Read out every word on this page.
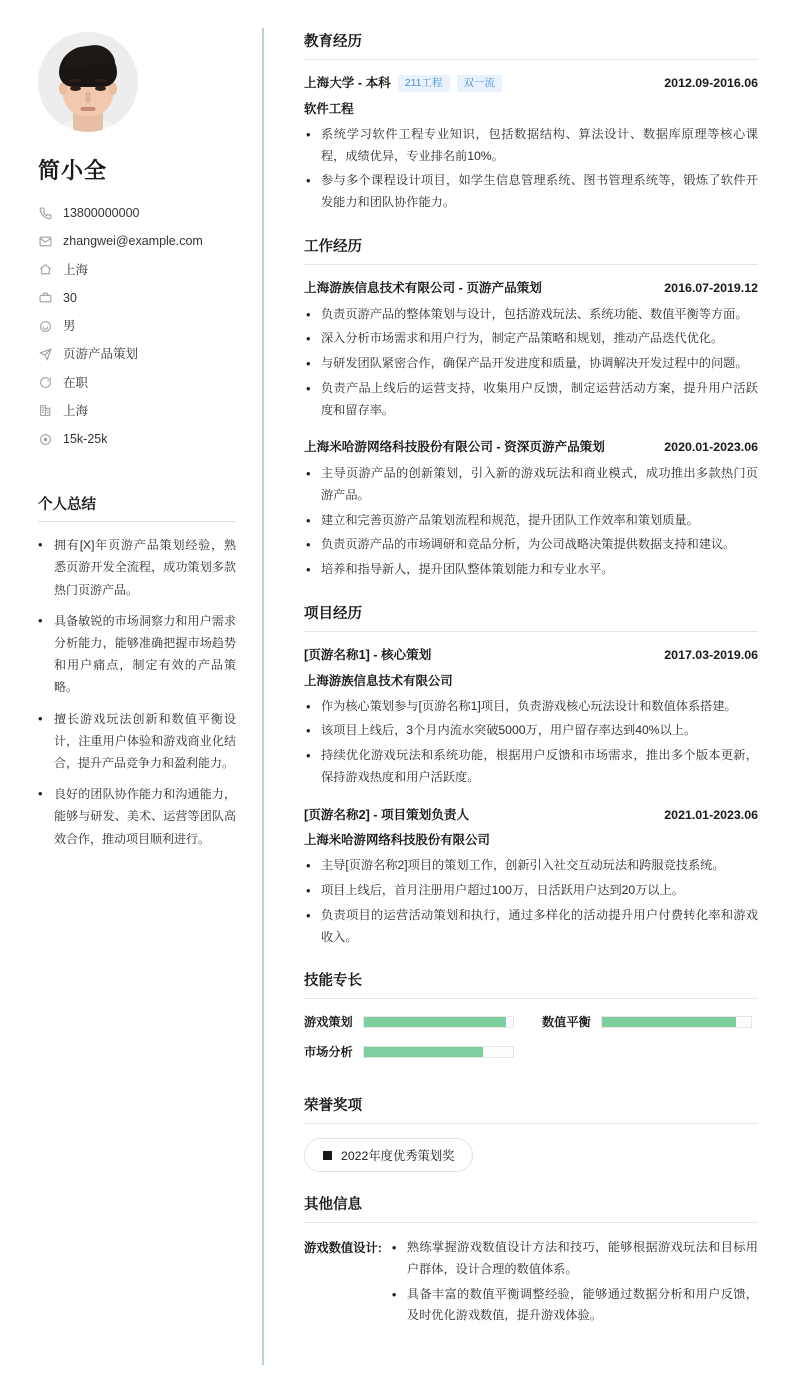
简小全
13800000000
zhangwei@example.com
上海
30
男
页游产品策划
在职
上海
15k-25k
个人总结
• 拥有[X]年页游产品策划经验，熟悉页游开发全流程，成功策划多款热门页游产品。
• 具备敏锐的市场洞察力和用户需求分析能力，能够准确把握市场趋势和用户痛点，制定有效的产品策略。
• 擅长游戏玩法创新和数值平衡设计，注重用户体验和游戏商业化结合，提升产品竞争力和盈利能力。
• 良好的团队协作能力和沟通能力，能够与研发、美术、运营等团队高效合作，推动项目顺利进行。
教育经历
上海大学 - 本科	211工程	双一流	2012.09-2016.06
软件工程
• 系统学习软件工程专业知识，包括数据结构、算法设计、数据库原理等核心课程，成绩优异，专业排名前10%。
• 参与多个课程设计项目，如学生信息管理系统、图书管理系统等，锻炼了软件开发能力和团队协作能力。
工作经历
上海游族信息技术有限公司 - 页游产品策划	2016.07-2019.12
• 负责页游产品的整体策划与设计，包括游戏玩法、系统功能、数值平衡等方面。
• 深入分析市场需求和用户行为，制定产品策略和规划，推动产品迭代优化。
• 与研发团队紧密合作，确保产品开发进度和质量，协调解决开发过程中的问题。
• 负责产品上线后的运营支持，收集用户反馈，制定运营活动方案，提升用户活跃度和留存率。
上海米哈游网络科技股份有限公司 - 资深页游产品策划	2020.01-2023.06
• 主导页游产品的创新策划，引入新的游戏玩法和商业模式，成功推出多款热门页游产品。
• 建立和完善页游产品策划流程和规范，提升团队工作效率和策划质量。
• 负责页游产品的市场调研和竞品分析，为公司战略决策提供数据支持和建议。
• 培养和指导新人，提升团队整体策划能力和专业水平。
项目经历
[页游名称1] - 核心策划	2017.03-2019.06
上海游族信息技术有限公司
• 作为核心策划参与[页游名称1]项目，负责游戏核心玩法设计和数值体系搭建。
• 该项目上线后，3个月内流水突破5000万，用户留存率达到40%以上。
• 持续优化游戏玩法和系统功能，根据用户反馈和市场需求，推出多个版本更新，保持游戏热度和用户活跃度。
[页游名称2] - 项目策划负责人	2021.01-2023.06
上海米哈游网络科技股份有限公司
• 主导[页游名称2]项目的策划工作，创新引入社交互动玩法和跨服竞技系统。
• 项目上线后，首月注册用户超过100万，日活跃用户达到20万以上。
• 负责项目的运营活动策划和执行，通过多样化的活动提升用户付费转化率和游戏收入。
技能专长
游戏策划	数值平衡
市场分析
荣誉奖项
2022年度优秀策划奖
其他信息
游戏数值设计:	• 熟练掌握游戏数值设计方法和技巧，能够根据游戏玩法和目标用户群体，设计合理的数值体系。
• 具备丰富的数值平衡调整经验，能够通过数据分析和用户反馈，及时优化游戏数值，提升游戏体验。
